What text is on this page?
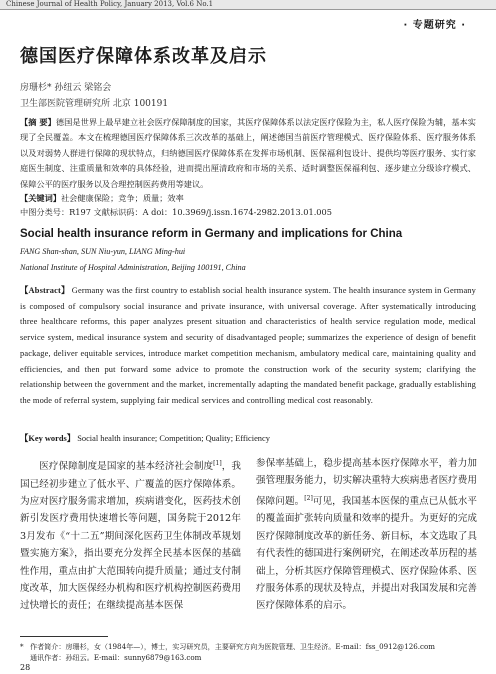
Chinese Journal of Health Policy, January 2013, Vol.6 No.1
· 专题研究 ·
德国医疗保障体系改革及启示
房珊杉* 孙纽云 梁铭会
卫生部医院管理研究所 北京 100191
【摘 要】德国是世界上最早建立社会医疗保障制度的国家，其医疗保障体系以法定医疗保险为主，私人医疗保险为辅，基本实现了全民覆盖。本文在梳理德国医疗保障体系三次改革的基础上，阐述德国当前医疗管理模式、医疗保险体系、医疗服务体系以及对弱势人群进行保障的现状特点，归纳德国医疗保障体系在发挥市场机制、医保福利包设计、提供均等医疗服务、实行家庭医生制度、注重质量和效率的具体经验，进而提出厘清政府和市场的关系、适时调整医保福利包、逐步建立分级诊疗模式、保障公平的医疗服务以及合理控制医药费用等建议。
【关键词】社会健康保险；竞争；质量；效率
中图分类号：R197 文献标识码：A doi：10.3969/j.issn.1674-2982.2013.01.005
Social health insurance reform in Germany and implications for China
FANG Shan-shan, SUN Niu-yun, LIANG Ming-hui
National Institute of Hospital Administration, Beijing 100191, China
【Abstract】 Germany was the first country to establish social health insurance system. The health insurance system in Germany is composed of compulsory social insurance and private insurance, with universal coverage. After systematically introducing three healthcare reforms, this paper analyzes present situation and characteristics of health service regulation mode, medical service system, medical insurance system and security of disadvantaged people; summarizes the experience of design of benefit package, deliver equitable services, introduce market competition mechanism, ambulatory medical care, maintaining quality and efficiencies, and then put forward some advice to promote the construction work of the security system; clarifying the relationship between the government and the market, incrementally adapting the mandated benefit package, gradually establishing the mode of referral system, supplying fair medical services and controlling medical cost reasonably.
【Key words】 Social health insurance; Competition; Quality; Efficiency
医疗保障制度是国家的基本经济社会制度[1]，我国已经初步建立了低水平、广覆盖的医疗保障体系。为应对医疗服务需求增加，疾病谱变化，医药技术创新引发医疗费用快速增长等问题，国务院于2012年3月发布《“十二五”期间深化医药卫生体制改革规划暨实施方案》，指出要充分发挥全民基本医保的基础性作用，重点由扩大范围转向提升质量；通过支付制度改革，加大医保经办机构和医疗机构控制医药费用过快增长的责任；在继续提高基本医保
参保率基础上，稳步提高基本医疗保障水平，着力加强管理服务能力，切实解决重特大疾病患者医疗费用保障问题。[2]可见，我国基本医保的重点已从低水平的覆盖面扩张转向质量和效率的提升。为更好的完成医疗保障制度改革的新任务、新目标，本文选取了具有代表性的德国进行案例研究，在阐述改革历程的基础上，分析其医疗保障管理模式、医疗保险体系、医疗服务体系的现状及特点，并提出对我国发展和完善医疗保障体系的启示。
* 作者简介：房珊杉，女（1984年—），博士，实习研究员，主要研究方向为医院管理、卫生经济。E-mail：fss_0912@126.com
通讯作者：孙纽云。E-mail：sunny6879@163.com
28
